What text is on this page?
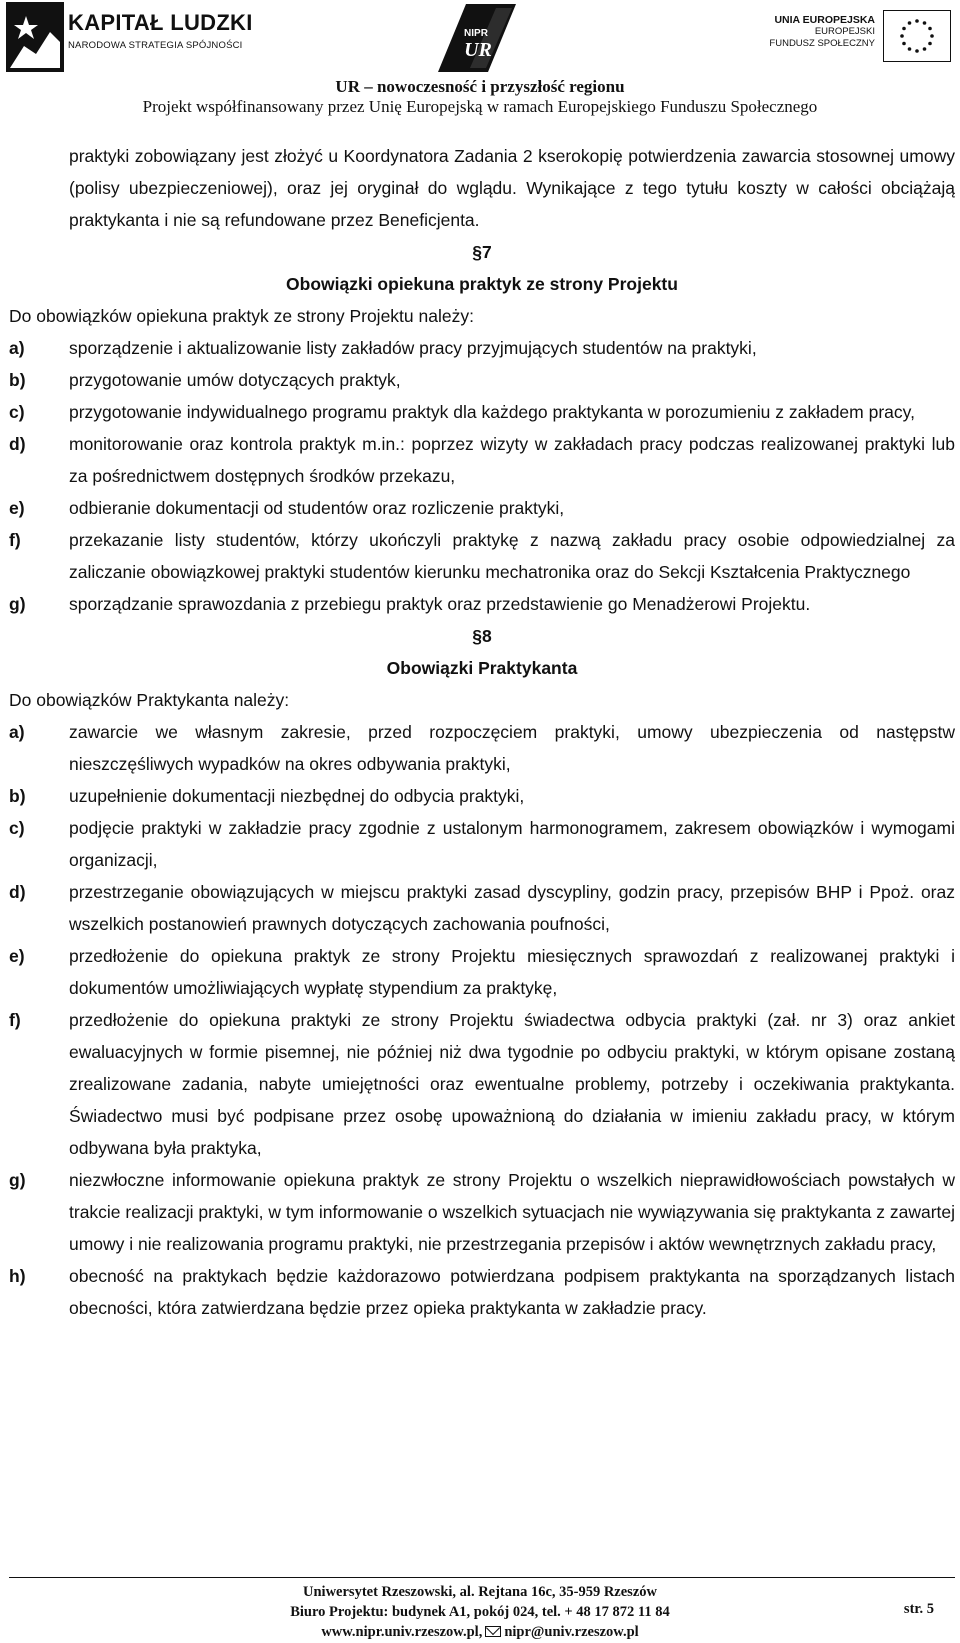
KAPITAŁ LUDZKI
NARODOWA STRATEGIA SPÓJNOŚCI
NIPR
UR
UNIA EUROPEJSKA
EUROPEJSKI
FUNDUSZ SPOŁECZNY
UR – nowoczesność i przyszłość regionu
Projekt współfinansowany przez Unię Europejską w ramach Europejskiego Funduszu Społecznego
praktyki zobowiązany jest złożyć u Koordynatora Zadania 2 kserokopię potwierdzenia zawarcia stosownej umowy (polisy ubezpieczeniowej), oraz jej oryginał do wglądu. Wynikające z tego tytułu koszty w całości obciążają praktykanta i nie są refundowane przez Beneficjenta.
§7
Obowiązki opiekuna praktyk ze strony Projektu
Do obowiązków opiekuna praktyk ze strony Projektu należy:
a)	sporządzenie i aktualizowanie listy zakładów pracy przyjmujących studentów na praktyki,
b)	przygotowanie umów dotyczących praktyk,
c)	przygotowanie indywidualnego programu praktyk dla każdego praktykanta w porozumieniu z zakładem pracy,
d)	monitorowanie oraz kontrola praktyk m.in.: poprzez wizyty w zakładach pracy podczas realizowanej praktyki lub za pośrednictwem dostępnych środków przekazu,
e)	odbieranie dokumentacji od studentów oraz rozliczenie praktyki,
f)	przekazanie listy studentów, którzy ukończyli praktykę z nazwą zakładu pracy osobie odpowiedzialnej za zaliczanie obowiązkowej praktyki studentów kierunku mechatronika oraz do Sekcji Kształcenia Praktycznego
g)	sporządzanie sprawozdania z przebiegu praktyk oraz przedstawienie go Menadżerowi Projektu.
§8
Obowiązki Praktykanta
Do obowiązków Praktykanta należy:
a)	zawarcie we własnym zakresie, przed rozpoczęciem praktyki, umowy ubezpieczenia od następstw nieszczęśliwych wypadków na okres odbywania praktyki,
b)	uzupełnienie dokumentacji niezbędnej do odbycia praktyki,
c)	podjęcie praktyki w zakładzie pracy zgodnie z ustalonym harmonogramem, zakresem obowiązków i wymogami organizacji,
d)	przestrzeganie obowiązujących w miejscu praktyki zasad dyscypliny, godzin pracy, przepisów BHP i Ppoż. oraz wszelkich postanowień prawnych dotyczących zachowania poufności,
e)	przedłożenie do opiekuna praktyk ze strony Projektu miesięcznych sprawozdań z realizowanej praktyki i dokumentów umożliwiających wypłatę stypendium za praktykę,
f)	przedłożenie do opiekuna praktyki ze strony Projektu świadectwa odbycia praktyki (zał. nr 3) oraz ankiet ewaluacyjnych w formie pisemnej, nie później niż dwa tygodnie po odbyciu praktyki, w którym opisane zostaną zrealizowane zadania, nabyte umiejętności oraz ewentualne problemy, potrzeby i oczekiwania praktykanta. Świadectwo musi być podpisane przez osobę upoważnioną do działania w imieniu zakładu pracy, w którym odbywana była praktyka,
g)	niezwłoczne informowanie opiekuna praktyk ze strony Projektu o wszelkich nieprawidłowościach powstałych w trakcie realizacji praktyki, w tym informowanie o wszelkich sytuacjach nie wywiązywania się praktykanta z zawartej umowy i nie realizowania programu praktyki, nie przestrzegania przepisów i aktów wewnętrznych zakładu pracy,
h)	obecność na praktykach będzie każdorazowo potwierdzana podpisem praktykanta na sporządzanych listach obecności, która zatwierdzana będzie przez opieka praktykanta w zakładzie pracy.
Uniwersytet Rzeszowski, al. Rejtana 16c, 35-959 Rzeszów
Biuro Projektu: budynek A1, pokój 024, tel. + 48 17 872 11 84
www.nipr.univ.rzeszow.pl, nipr@univ.rzeszow.pl
str. 5
